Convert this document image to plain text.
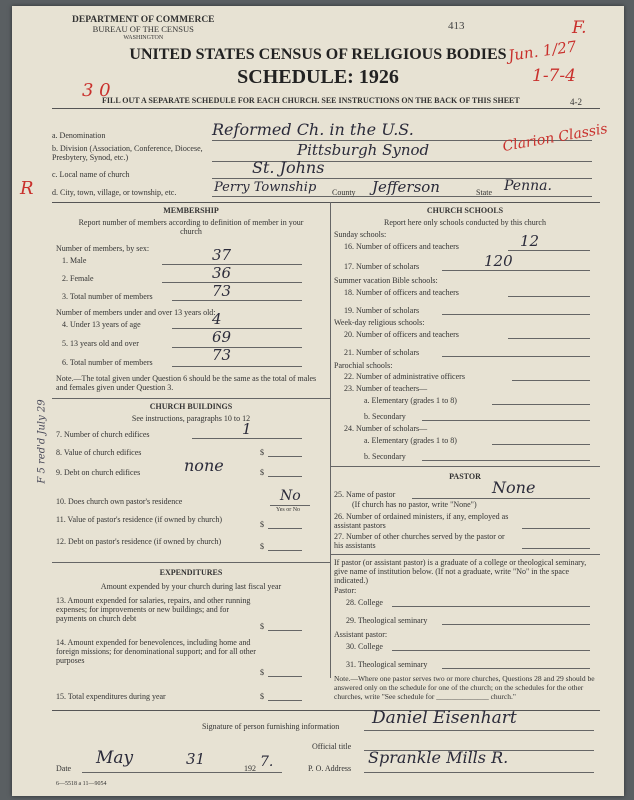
DEPARTMENT OF COMMERCE
BUREAU OF THE CENSUS
WASHINGTON
413
UNITED STATES CENSUS OF RELIGIOUS BODIES
SCHEDULE: 1926
FILL OUT A SEPARATE SCHEDULE FOR EACH CHURCH. SEE INSTRUCTIONS ON THE BACK OF THIS SHEET
3 0
Jun. 1/27
1-7-4
F.
4-2
R
F 5 red'd July 29
a. Denomination	Reformed Ch. in the U.S.
b. Division (Association, Conference, Diocese, Presbytery, Synod, etc.)	Pittsburgh Synod	Clarion Classis
c. Local name of church	St. Johns
d. City, town, village, or township, etc.	Perry Township County Jefferson	State Penna.
MEMBERSHIP
Report number of members according to definition of member in your church
Number of members, by sex:
1. Male	37
2. Female	36
3. Total number of members	73
Number of members under and over 13 years old:
4. Under 13 years of age	4
5. 13 years old and over	69
6. Total number of members	73
Note.—The total given under Question 6 should be the same as the total of males and females given under Question 3.
CHURCH BUILDINGS
See instructions, paragraphs 10 to 12
7. Number of church edifices	1
8. Value of church edifices	$
9. Debt on church edifices	$
none
10. Does church own pastor's residence	No
Yes or No
11. Value of pastor's residence (if owned by church)
$
12. Debt on pastor's residence (if owned by church)
$
EXPENDITURES
Amount expended by your church during last fiscal year
13. Amount expended for salaries, repairs, and other running expenses; for improvements or new buildings; and for payments on church debt
$
14. Amount expended for benevolences, including home and foreign missions; for denominational support; and for all other purposes
$
15. Total expenditures during year	$
CHURCH SCHOOLS
Report here only schools conducted by this church
Sunday schools:
16. Number of officers and teachers	12
17. Number of scholars	120
Summer vacation Bible schools:
18. Number of officers and teachers
19. Number of scholars
Week-day religious schools:
20. Number of officers and teachers
21. Number of scholars
Parochial schools:
22. Number of administrative officers
23. Number of teachers—
a. Elementary (grades 1 to 8)
b. Secondary
24. Number of scholars—
a. Elementary (grades 1 to 8)
b. Secondary
PASTOR
25. Name of pastor	None
(If church has no pastor, write "None")
26. Number of ordained ministers, if any, employed as assistant pastors
27. Number of other churches served by the pastor or his assistants
If pastor (or assistant pastor) is a graduate of a college or theological seminary, give name of institution below. (If not a graduate, write "No" in the space indicated.)
Pastor:
28. College
29. Theological seminary
Assistant pastor:
30. College
31. Theological seminary
Note.—Where one pastor serves two or more churches, Questions 28 and 29 should be answered only on the schedule for one of the church; on the schedules for the other churches, write "See schedule for ______________ church."
Signature of person furnishing information Daniel Eisenhart
Official title
Date
May	31
192 7.	P. O. Address
Sprankle Mills R.
6—5518 a 11—9054
